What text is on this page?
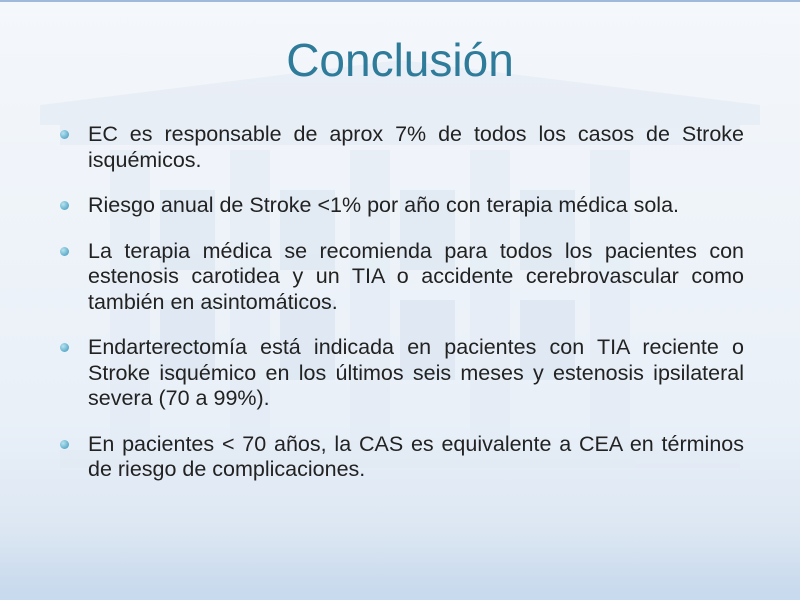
Conclusión
EC es responsable de aprox 7% de todos los casos de Stroke isquémicos.
Riesgo anual de Stroke <1% por año con terapia médica sola.
La terapia médica se recomienda para todos los pacientes con estenosis carotidea y un TIA o accidente cerebrovascular como también en asintomáticos.
Endarterectomía está indicada en pacientes con TIA reciente o Stroke isquémico en los últimos seis meses y estenosis ipsilateral severa (70 a 99%).
En pacientes < 70 años, la CAS es equivalente a CEA en términos de riesgo de complicaciones.
